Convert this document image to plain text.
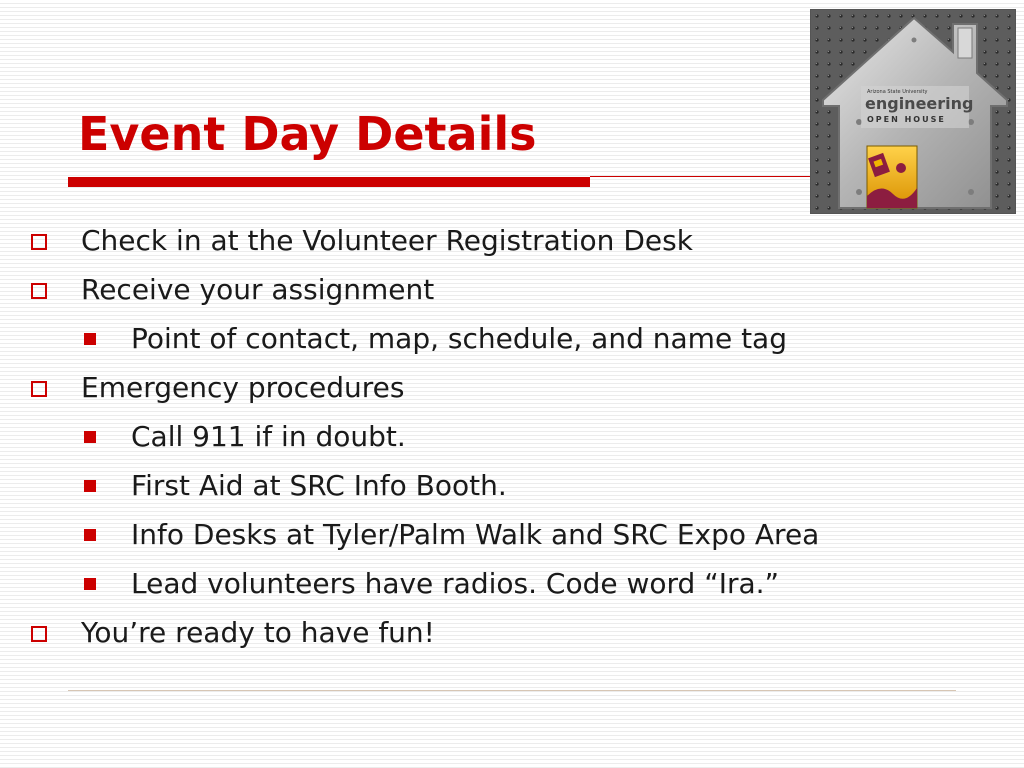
Event Day Details
Arizona State University
engineering
OPEN HOUSE
Check in at the Volunteer Registration Desk
Receive your assignment
Point of contact, map, schedule, and name tag
Emergency procedures
Call 911 if in doubt.
First Aid at SRC Info Booth.
Info Desks at Tyler/Palm Walk and SRC Expo Area
Lead volunteers have radios. Code word “Ira.”
You’re ready to have fun!
